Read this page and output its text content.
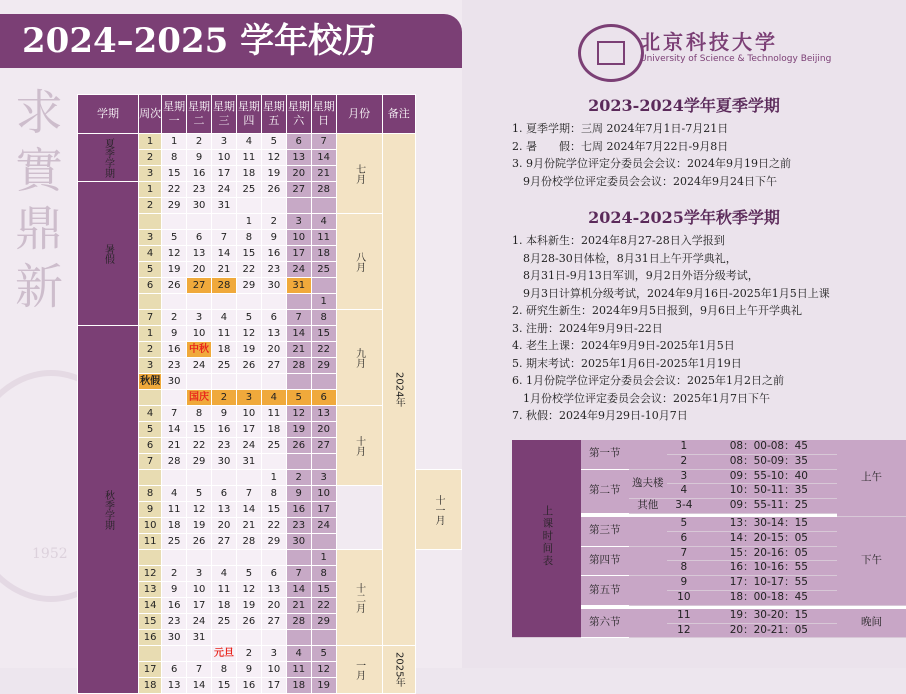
2024–2025 学年校历
求
實
鼎
新
1952
学期	周次	星期一	星期二	星期三	星期四	星期五	星期六	星期日	月份	备注	
夏季学期	1	1	2	3	4	5	6	7	七月	2024年	
	2	8	9	10	11	12	13	14			
	3	15	16	17	18	19	20	21			
暑假	1	22	23	24	25	26	27	28			
	2	29	30	31							
					1	2	3	4	八月		
	3	5	6	7	8	9	10	11			
	4	12	13	14	15	16	17	18			
	5	19	20	21	22	23	24	25			
	6	26	27	28	29	30	31				
								1			
	7	2	3	4	5	6	7	8	九月		
秋季学期	1	9	10	11	12	13	14	15			
	2	16	中秋	18	19	20	21	22			
	3	23	24	25	26	27	28	29			
	秋假	30									
			国庆	2	3	4	5	6			
	4	7	8	9	10	11	12	13	十月		
	5	14	15	16	17	18	19	20			
	6	21	22	23	24	25	26	27			
	7	28	29	30	31						
						1	2	3			十一月
	8	4	5	6	7	8	9	10			
	9	11	12	13	14	15	16	17			
	10	18	19	20	21	22	23	24			
	11	25	26	27	28	29	30				
								1	十二月		
	12	2	3	4	5	6	7	8			
	13	9	10	11	12	13	14	15			
	14	16	17	18	19	20	21	22			
	15	23	24	25	26	27	28	29			
	16	30	31								
				元旦	2	3	4	5	一月	2025年	
	17	6	7	8	9	10	11	12			
	18	13	14	15	16	17	18	19			
北京科技大学
University of Science & Technology Beijing
2023-2024学年夏季学期
1. 夏季学期：三周 2024年7月1日-7月21日
2. 暑　　假：七周 2024年7月22日-9月8日
3. 9月份院学位评定分委员会会议：2024年9月19日之前
　9月份校学位评定委员会会议：2024年9月24日下午
2024-2025学年秋季学期
1. 本科新生：2024年8月27-28日入学报到
　8月28-30日体检，8月31日上午开学典礼，
　8月31日-9月13日军训，9月2日外语分级考试，
　9月3日计算机分级考试，2024年9月16日-2025年1月5日上课
2. 研究生新生：2024年9月5日报到，9月6日上午开学典礼
3. 注册：2024年9月9日-22日
4. 老生上课：2024年9月9日-2025年1月5日
5. 期末考试：2025年1月6日-2025年1月19日
6. 1月份院学位评定分委员会会议：2025年1月2日之前
　1月份校学位评定委员会会议：2025年1月7日下午
7. 秋假：2024年9月29日-10月7日
上课时间表	第一节		1	08：00-08：45	上午
			2	08：50-09：35	
	第二节	逸夫楼	3	09：55-10：40	
			4	10：50-11：35	
		其他	3-4	09：55-11：25	

	第三节		5	13：30-14：15	下午
			6	14：20-15：05	
	第四节		7	15：20-16：05	
			8	16：10-16：55	
	第五节		9	17：10-17：55	
			10	18：00-18：45	

	第六节		11	19：30-20：15	晚间
			12	20：20-21：05	
